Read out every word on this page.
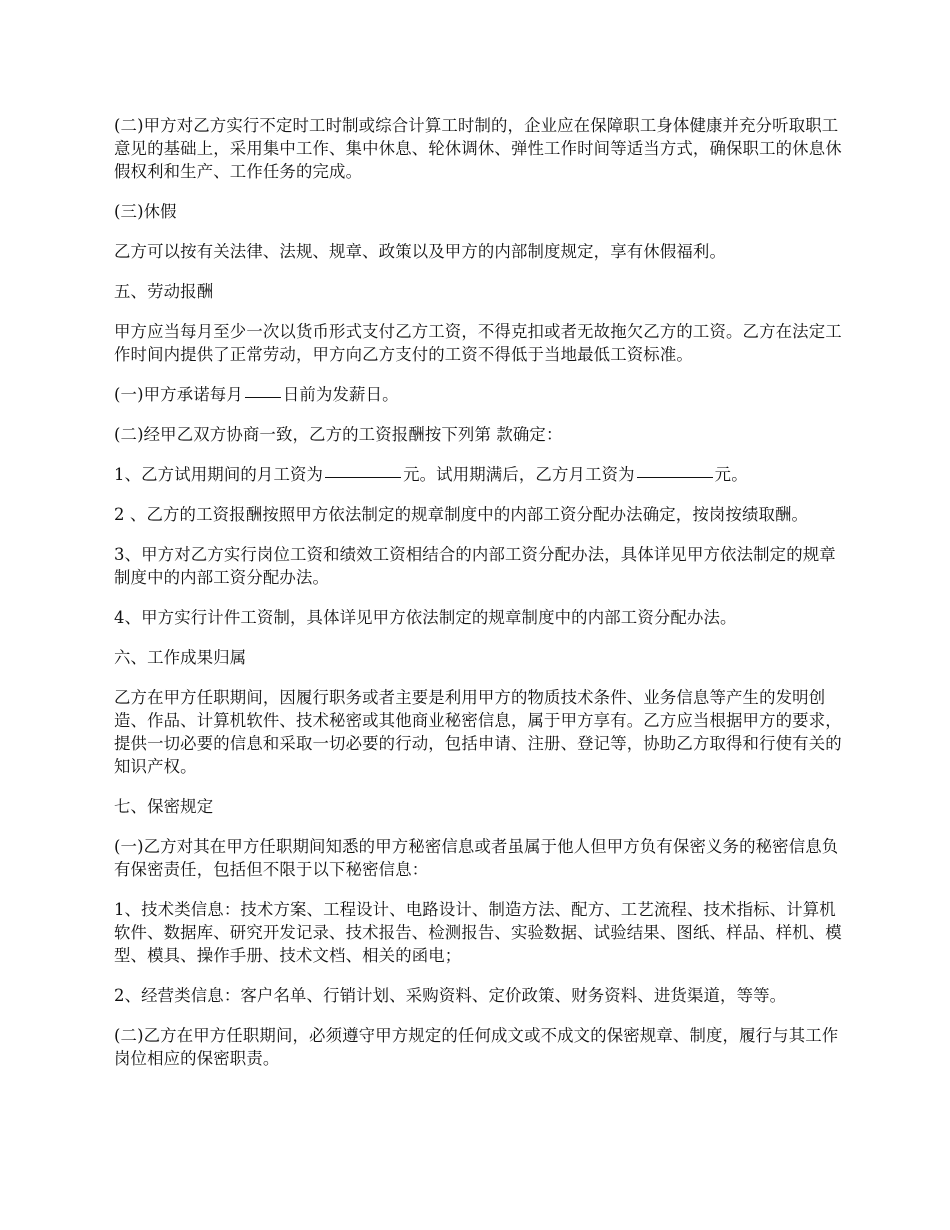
(二)甲方对乙方实行不定时工时制或综合计算工时制的，企业应在保障职工身体健康并充分听取职工意见的基础上，采用集中工作、集中休息、轮休调休、弹性工作时间等适当方式，确保职工的休息休假权利和生产、工作任务的完成。

(三)休假

乙方可以按有关法律、法规、规章、政策以及甲方的内部制度规定，享有休假福利。

五、劳动报酬

甲方应当每月至少一次以货币形式支付乙方工资，不得克扣或者无故拖欠乙方的工资。乙方在法定工作时间内提供了正常劳动，甲方向乙方支付的工资不得低于当地最低工资标准。

(一)甲方承诺每月 日前为发薪日。

(二)经甲乙双方协商一致，乙方的工资报酬按下列第 款确定：

1、乙方试用期间的月工资为	元。试用期满后，乙方月工资为	元。

2 、乙方的工资报酬按照甲方依法制定的规章制度中的内部工资分配办法确定，按岗按绩取酬。

3、甲方对乙方实行岗位工资和绩效工资相结合的内部工资分配办法，具体详见甲方依法制定的规章制度中的内部工资分配办法。

4、甲方实行计件工资制，具体详见甲方依法制定的规章制度中的内部工资分配办法。

六、工作成果归属

乙方在甲方任职期间，因履行职务或者主要是利用甲方的物质技术条件、业务信息等产生的发明创造、作品、计算机软件、技术秘密或其他商业秘密信息，属于甲方享有。乙方应当根据甲方的要求，提供一切必要的信息和采取一切必要的行动，包括申请、注册、登记等，协助乙方取得和行使有关的知识产权。

七、保密规定

(一)乙方对其在甲方任职期间知悉的甲方秘密信息或者虽属于他人但甲方负有保密义务的秘密信息负有保密责任，包括但不限于以下秘密信息：

1、技术类信息：技术方案、工程设计、电路设计、制造方法、配方、工艺流程、技术指标、计算机软件、数据库、研究开发记录、技术报告、检测报告、实验数据、试验结果、图纸、样品、样机、模型、模具、操作手册、技术文档、相关的函电；

2、经营类信息：客户名单、行销计划、采购资料、定价政策、财务资料、进货渠道，等等。

(二)乙方在甲方任职期间，必须遵守甲方规定的任何成文或不成文的保密规章、制度，履行与其工作岗位相应的保密职责。
